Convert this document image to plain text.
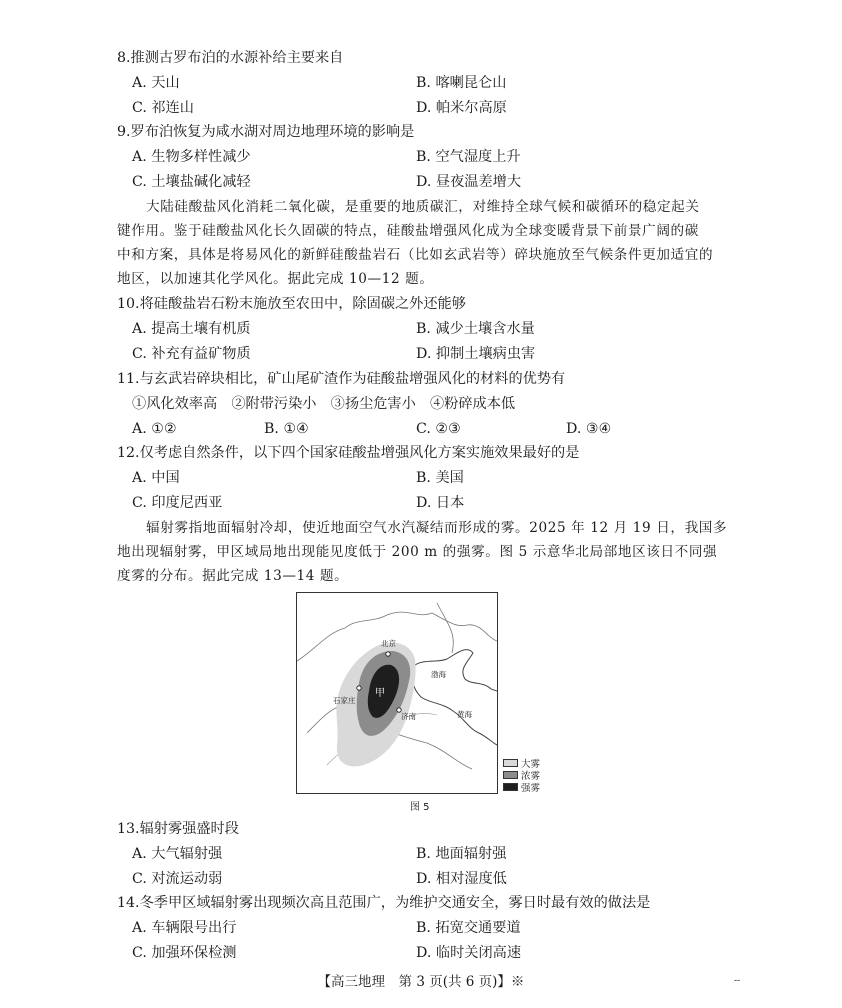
8.推测古罗布泊的水源补给主要来自
A. 天山	B. 喀喇昆仑山
C. 祁连山	D. 帕米尔高原
9.罗布泊恢复为咸水湖对周边地理环境的影响是
A. 生物多样性减少	B. 空气湿度上升
C. 土壤盐碱化减轻	D. 昼夜温差增大
大陆硅酸盐风化消耗二氧化碳，是重要的地质碳汇，对维持全球气候和碳循环的稳定起关
键作用。鉴于硅酸盐风化长久固碳的特点，硅酸盐增强风化成为全球变暖背景下前景广阔的碳
中和方案，具体是将易风化的新鲜硅酸盐岩石（比如玄武岩等）碎块施放至气候条件更加适宜的
地区，以加速其化学风化。据此完成 10—12 题。
10.将硅酸盐岩石粉末施放至农田中，除固碳之外还能够
A. 提高土壤有机质	B. 减少土壤含水量
C. 补充有益矿物质	D. 抑制土壤病虫害
11.与玄武岩碎块相比，矿山尾矿渣作为硅酸盐增强风化的材料的优势有
①风化效率高　②附带污染小　③扬尘危害小　④粉碎成本低
A. ①②	B. ①④	C. ②③	D. ③④
12.仅考虑自然条件，以下四个国家硅酸盐增强风化方案实施效果最好的是
A. 中国	B. 美国
C. 印度尼西亚	D. 日本
辐射雾指地面辐射冷却，使近地面空气水汽凝结而形成的雾。2025 年 12 月 19 日，我国多
地出现辐射雾，甲区域局地出现能见度低于 200 m 的强雾。图 5 示意华北局部地区该日不同强
度雾的分布。据此完成 13—14 题。
北京
渤海
石家庄
甲
济南	黄海
大雾
浓雾
强雾
图 5
13.辐射雾强盛时段
A. 大气辐射强	B. 地面辐射强
C. 对流运动弱	D. 相对湿度低
14.冬季甲区域辐射雾出现频次高且范围广，为维护交通安全，雾日时最有效的做法是
A. 车辆限号出行	B. 拓宽交通要道
C. 加强环保检测	D. 临时关闭高速
【高三地理　第 3 页(共 6 页)】※	--
